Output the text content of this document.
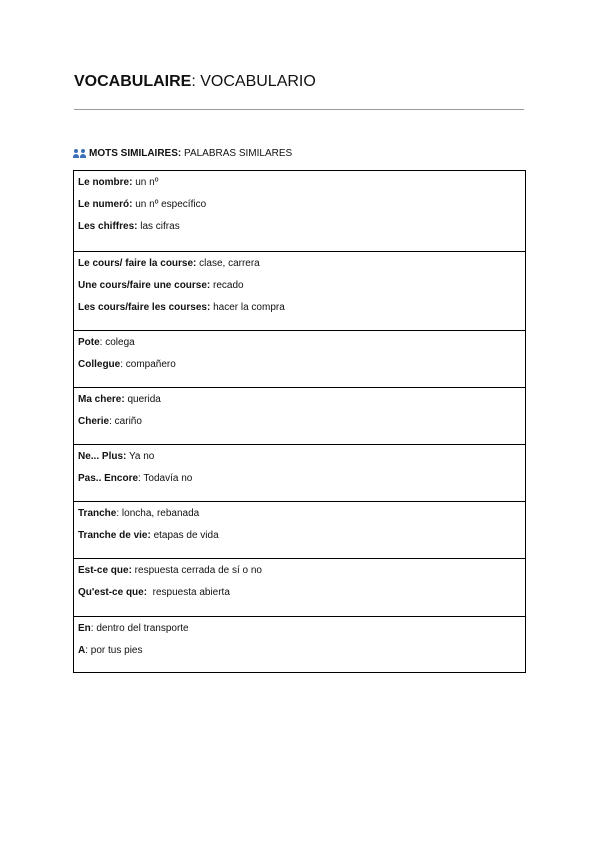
VOCABULAIRE: VOCABULARIO
MOTS SIMILAIRES: PALABRAS SIMILARES
Le nombre: un nº
Le numeró: un nº específico
Les chiffres: las cifras
Le cours/ faire la course: clase, carrera
Une cours/faire une course: recado
Les cours/faire les courses: hacer la compra
Pote: colega
Collegue: compañero
Ma chere: querida
Cherie: cariño
Ne... Plus: Ya no
Pas.. Encore: Todavía no
Tranche: loncha, rebanada
Tranche de vie: etapas de vida
Est-ce que: respuesta cerrada de sí o no
Qu'est-ce que:  respuesta abierta
En: dentro del transporte
A: por tus pies
